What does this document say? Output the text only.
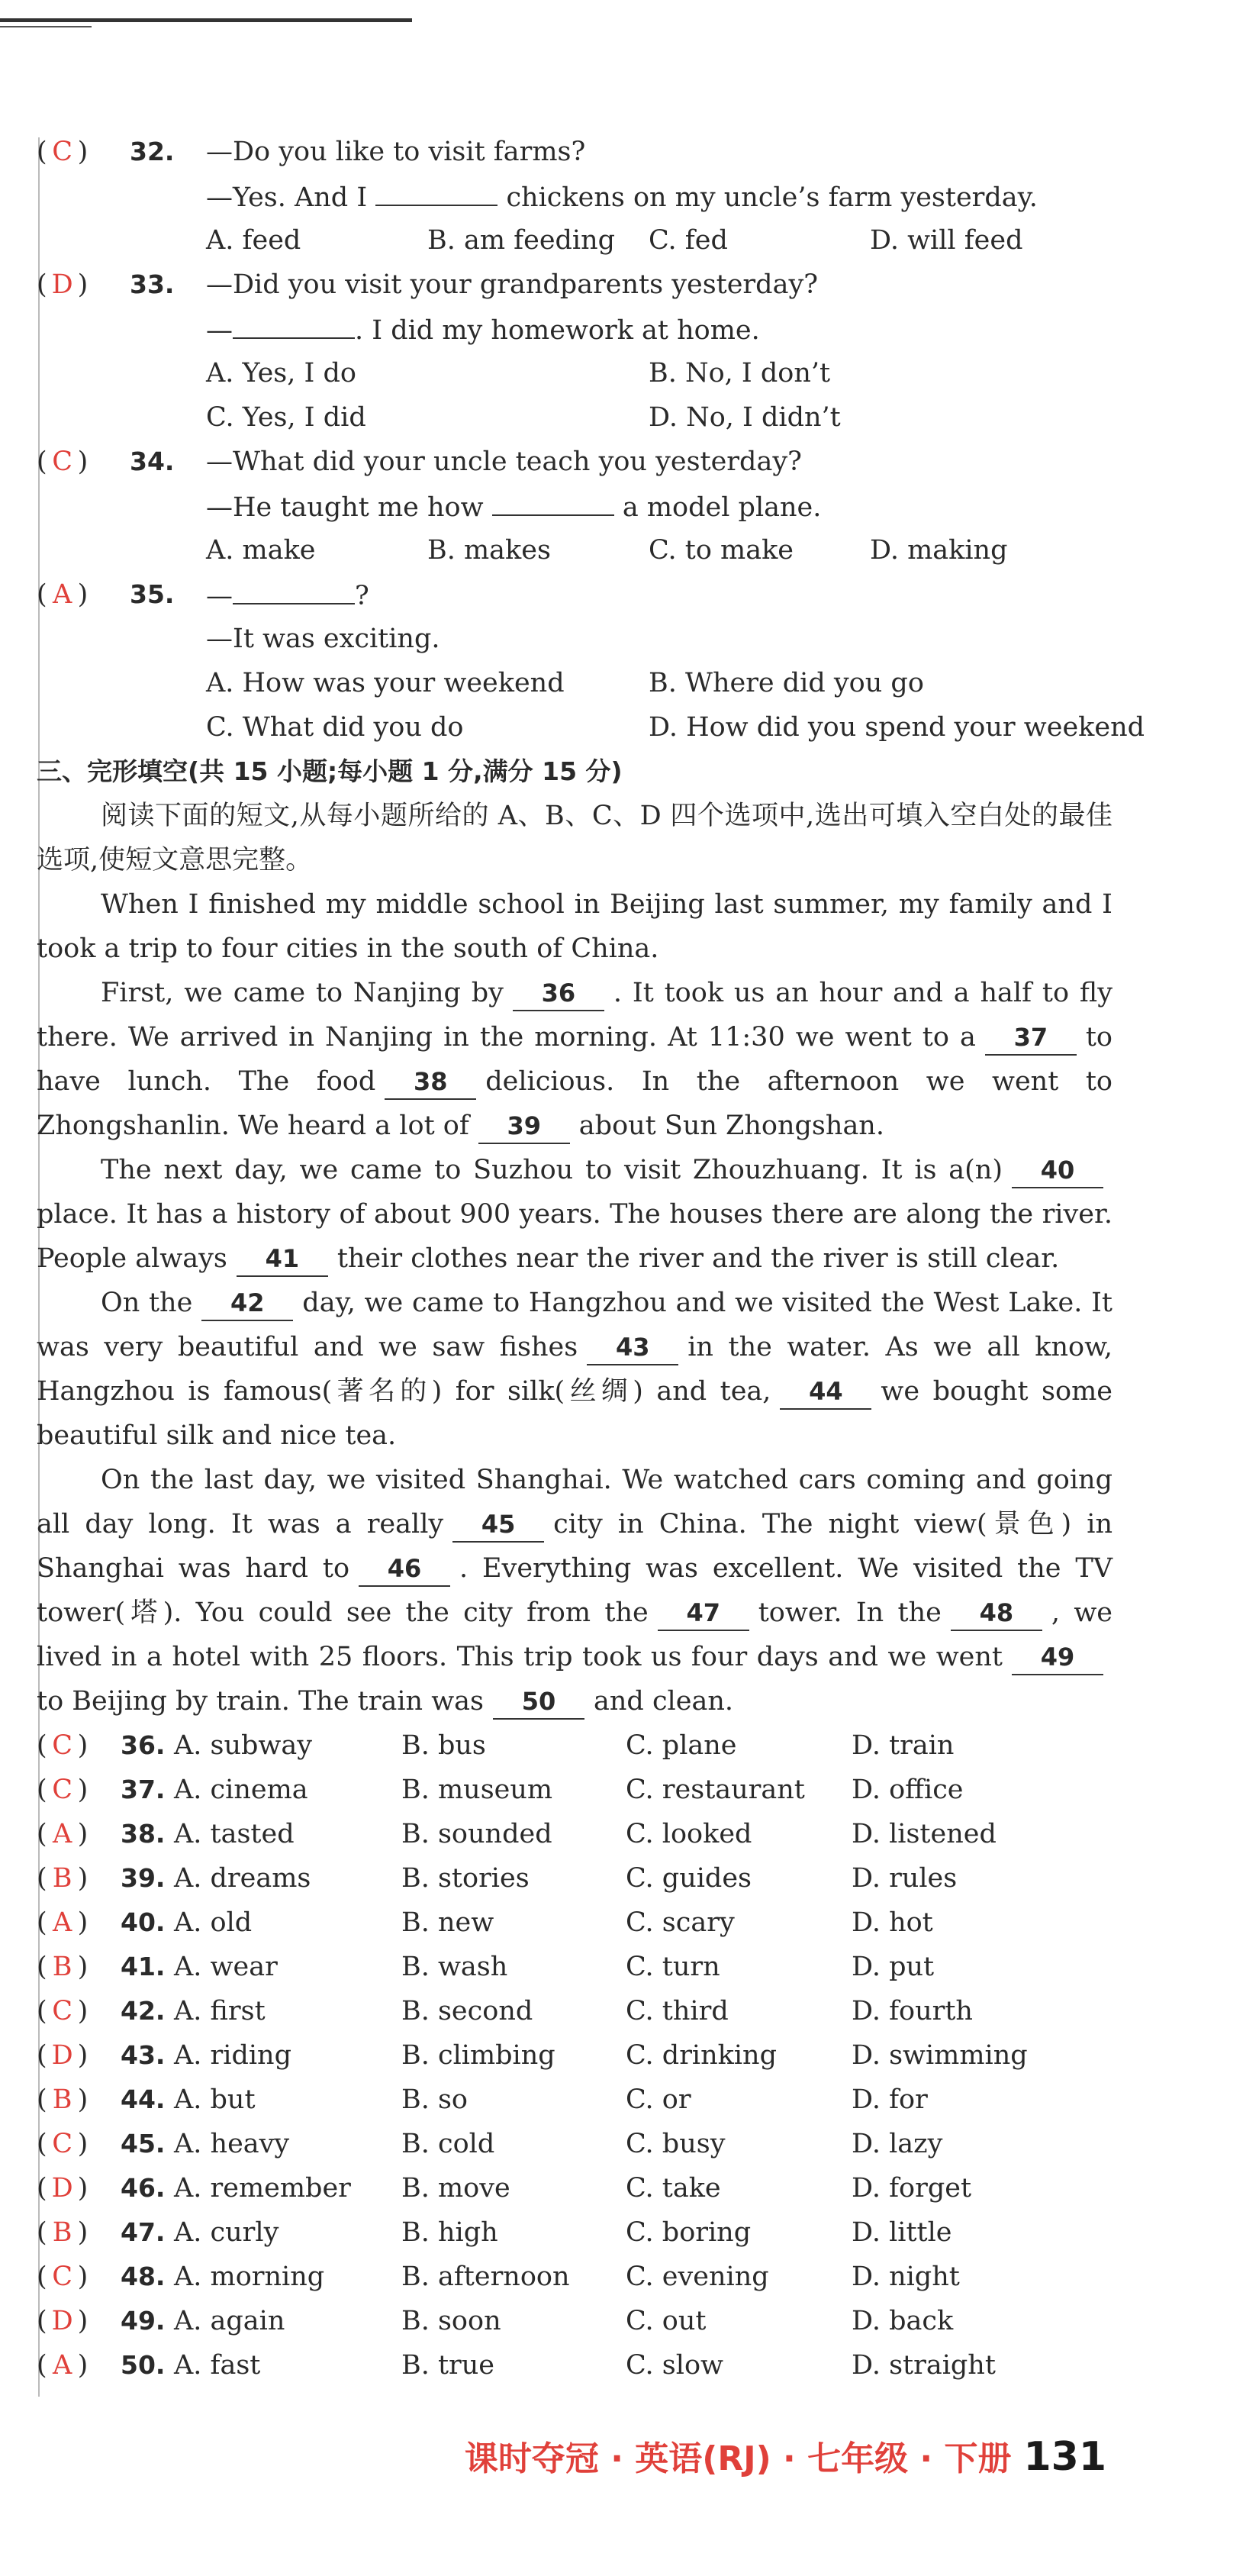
( C ) 32. —Do you like to visit farms?
—Yes. And I	chickens on my uncle’s farm yesterday.
A. feed	B. am feeding C. fed	D. will feed
( D ) 33. —Did you visit your grandparents yesterday?
—	. I did my homework at home.
A. Yes, I do	B. No, I don’t
C. Yes, I did	D. No, I didn’t
( C ) 34. —What did your uncle teach you yesterday?
—He taught me how	a model plane.
A. make	B. makes	C. to make	D. making
( A ) 35. —	?
—It was exciting.
A. How was your weekend	B. Where did you go
C. What did you do	D. How did you spend your weekend
三、完形填空(共 15 小题;每小题 1 分,满分 15 分)

阅读下面的短文,从每小题所给的 A、B、C、D 四个选项中,选出可填入空白处的最佳选项,使短文意思完整。

When I finished my middle school in Beijing last summer, my family and I took a trip to four cities in the south of China.

First, we came to Nanjing by 36 . It took us an hour and a half to fly there. We arrived in Nanjing in the morning. At 11:30 we went to a 37 to have lunch. The food 38 delicious. In the afternoon we went to Zhongshanlin. We heard a lot of 39 about Sun Zhongshan.

The next day, we came to Suzhou to visit Zhouzhuang. It is a(n) 40place. It has a history of about 900 years. The houses there are along the river. People always 41 their clothes near the river and the river is still clear.

On the 42 day, we came to Hangzhou and we visited the West Lake. It was very beautiful and we saw fishes 43 in the water. As we all know, Hangzhou is famous(著名的) for silk(丝绸) and tea, 44 we bought some beautiful silk and nice tea.

On the last day, we visited Shanghai. We watched cars coming and going all day long. It was a really 45 city in China. The night view(景色) in Shanghai was hard to 46 . Everything was excellent. We visited the TV tower(塔). You could see the city from the 47 tower. In the 48 , we lived in a hotel with 25 floors. This trip took us four days and we went 49to Beijing by train. The train was 50 and clean.

( C ) 36. A. subway	B. bus	C. plane	D. train
( C ) 37. A. cinema	B. museum	C. restaurant D. office
( A ) 38. A. tasted	B. sounded	C. looked	D. listened
( B ) 39. A. dreams	B. stories	C. guides	D. rules
( A ) 40. A. old	B. new	C. scary	D. hot
( B ) 41. A. wear	B. wash	C. turn	D. put
( C ) 42. A. first	B. second	C. third	D. fourth
( D ) 43. A. riding	B. climbing	C. drinking	D. swimming
( B ) 44. A. but	B. so	C. or	D. for
( C ) 45. A. heavy	B. cold	C. busy	D. lazy
( D ) 46. A. remember B. move	C. take	D. forget
( B ) 47. A. curly	B. high	C. boring	D. little
( C ) 48. A. morning	B. afternoon C. evening	D. night
( D ) 49. A. again	B. soon	C. out	D. back
( A ) 50. A. fast	B. true	C. slow	D. straight
课时夺冠 · 英语(RJ) · 七年级 · 下册 131
